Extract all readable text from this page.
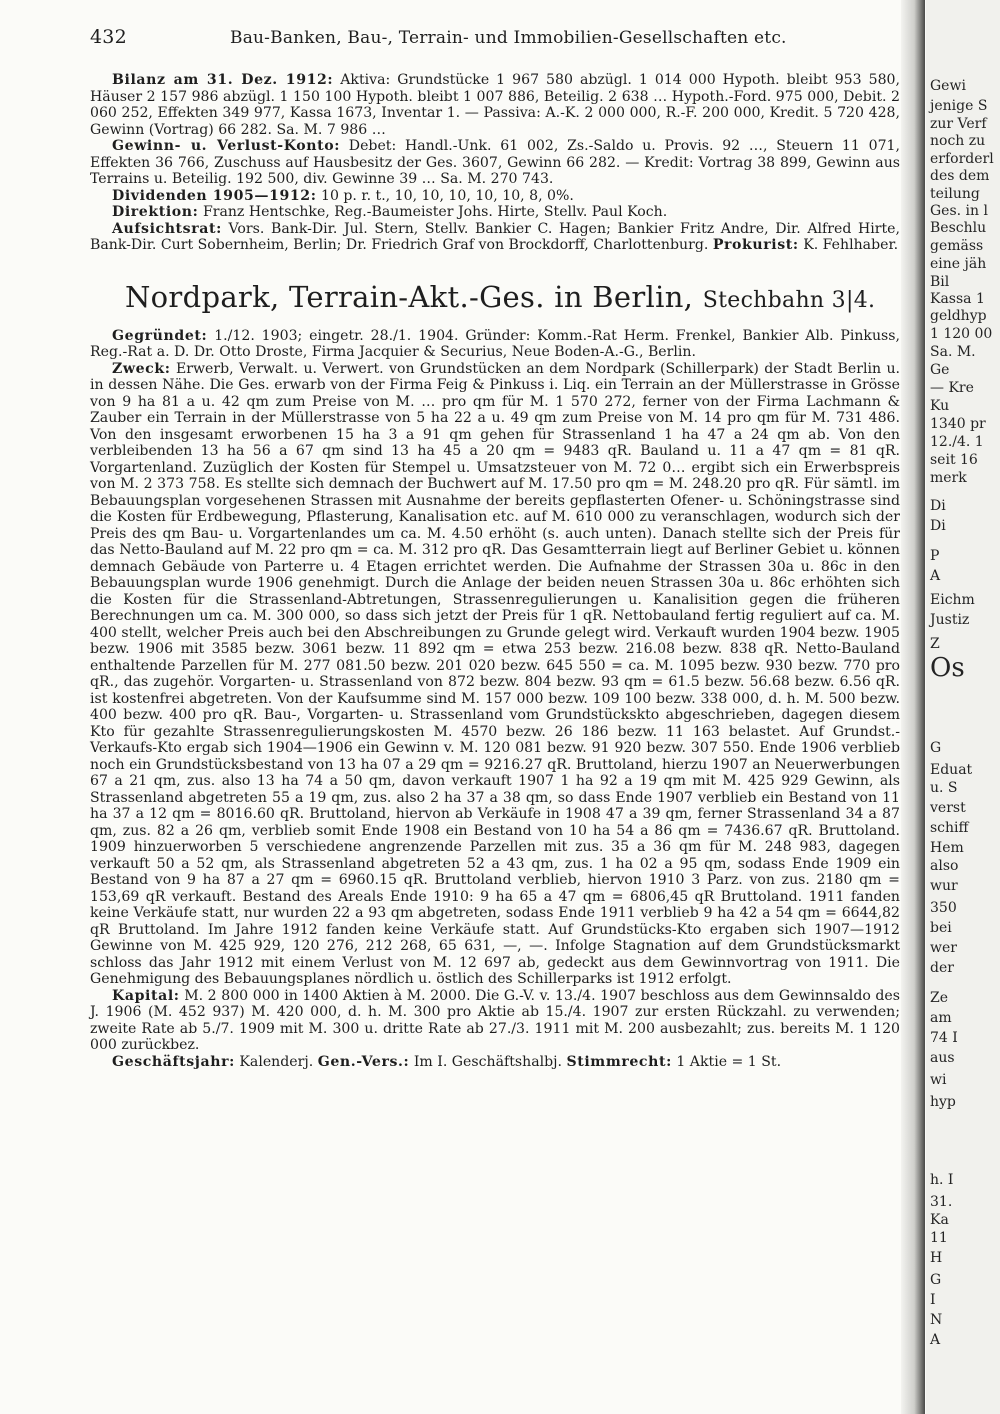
432	Bau-Banken, Bau-, Terrain- und Immobilien-Gesellschaften etc.

Bilanz am 31. Dez. 1912: Aktiva: Grundstücke 1 967 580 abzügl. 1 014 000 Hypoth. bleibt 953 580, Häuser 2 157 986 abzügl. 1 150 100 Hypoth. bleibt 1 007 886, Beteilig. 2 638 … Hypoth.-Ford. 975 000, Debit. 2 060 252, Effekten 349 977, Kassa 1673, Inventar 1. — Passiva: A.-K. 2 000 000, R.-F. 200 000, Kredit. 5 720 428, Gewinn (Vortrag) 66 282. Sa. M. 7 986 …

Gewinn- u. Verlust-Konto: Debet: Handl.-Unk. 61 002, Zs.-Saldo u. Provis. 92 …, Steuern 11 071, Effekten 36 766, Zuschuss auf Hausbesitz der Ges. 3607, Gewinn 66 282. — Kredit: Vortrag 38 899, Gewinn aus Terrains u. Beteilig. 192 500, div. Gewinne 39 … Sa. M. 270 743.

Dividenden 1905—1912: 10 p. r. t., 10, 10, 10, 10, 10, 8, 0%.

Direktion: Franz Hentschke, Reg.-Baumeister Johs. Hirte, Stellv. Paul Koch.

Aufsichtsrat: Vors. Bank-Dir. Jul. Stern, Stellv. Bankier C. Hagen; Bankier Fritz Andre, Dir. Alfred Hirte, Bank-Dir. Curt Sobernheim, Berlin; Dr. Friedrich Graf von Brockdorff, Charlottenburg. Prokurist: K. Fehlhaber.

Nordpark, Terrain-Akt.-Ges. in Berlin, Stechbahn 3|4.

Gegründet: 1./12. 1903; eingetr. 28./1. 1904. Gründer: Komm.-Rat Herm. Frenkel, Bankier Alb. Pinkuss, Reg.-Rat a. D. Dr. Otto Droste, Firma Jacquier & Securius, Neue Boden-A.-G., Berlin.

Zweck: Erwerb, Verwalt. u. Verwert. von Grundstücken an dem Nordpark (Schillerpark) der Stadt Berlin u. in dessen Nähe. Die Ges. erwarb von der Firma Feig & Pinkuss i. Liq. ein Terrain an der Müllerstrasse in Grösse von 9 ha 81 a u. 42 qm zum Preise von M. … pro qm für M. 1 570 272, ferner von der Firma Lachmann & Zauber ein Terrain in der Müllerstrasse von 5 ha 22 a u. 49 qm zum Preise von M. 14 pro qm für M. 731 486. Von den insgesamt erworbenen 15 ha 3 a 91 qm gehen für Strassenland 1 ha 47 a 24 qm ab. Von den verbleibenden 13 ha 56 a 67 qm sind 13 ha 45 a 20 qm = 9483 qR. Bauland u. 11 a 47 qm = 81 qR. Vorgartenland. Zuzüglich der Kosten für Stempel u. Umsatzsteuer von M. 72 0… ergibt sich ein Erwerbspreis von M. 2 373 758. Es stellte sich demnach der Buchwert auf M. 17.50 pro qm = M. 248.20 pro qR. Für sämtl. im Bebauungsplan vorgesehenen Strassen mit Ausnahme der bereits gepflasterten Ofener- u. Schöningstrasse sind die Kosten für Erdbewegung, Pflasterung, Kanalisation etc. auf M. 610 000 zu veranschlagen, wodurch sich der Preis des qm Bau- u. Vorgartenlandes um ca. M. 4.50 erhöht (s. auch unten). Danach stellte sich der Preis für das Netto-Bauland auf M. 22 pro qm = ca. M. 312 pro qR. Das Gesamtterrain liegt auf Berliner Gebiet u. können demnach Gebäude von Parterre u. 4 Etagen errichtet werden. Die Aufnahme der Strassen 30a u. 86c in den Bebauungsplan wurde 1906 genehmigt. Durch die Anlage der beiden neuen Strassen 30a u. 86c erhöhten sich die Kosten für die Strassenland-Abtretungen, Strassenregulierungen u. Kanalisition gegen die früheren Berechnungen um ca. M. 300 000, so dass sich jetzt der Preis für 1 qR. Nettobauland fertig reguliert auf ca. M. 400 stellt, welcher Preis auch bei den Abschreibungen zu Grunde gelegt wird. Verkauft wurden 1904 bezw. 1905 bezw. 1906 mit 3585 bezw. 3061 bezw. 11 892 qm = etwa 253 bezw. 216.08 bezw. 838 qR. Netto-Bauland enthaltende Parzellen für M. 277 081.50 bezw. 201 020 bezw. 645 550 = ca. M. 1095 bezw. 930 bezw. 770 pro qR., das zugehör. Vorgarten- u. Strassenland von 872 bezw. 804 bezw. 93 qm = 61.5 bezw. 56.68 bezw. 6.56 qR. ist kostenfrei abgetreten. Von der Kaufsumme sind M. 157 000 bezw. 109 100 bezw. 338 000, d. h. M. 500 bezw. 400 bezw. 400 pro qR. Bau-, Vorgarten- u. Strassenland vom Grundstücksktо abgeschrieben, dagegen diesem Kto für gezahlte Strassenregulierungskosten M. 4570 bezw. 26 186 bezw. 11 163 belastet. Auf Grundst.-Verkaufs-Kto ergab sich 1904—1906 ein Gewinn v. M. 120 081 bezw. 91 920 bezw. 307 550. Ende 1906 verblieb noch ein Grundstücksbestand von 13 ha 07 a 29 qm = 9216.27 qR. Bruttoland, hierzu 1907 an Neuerwerbungen 67 a 21 qm, zus. also 13 ha 74 a 50 qm, davon verkauft 1907 1 ha 92 a 19 qm mit M. 425 929 Gewinn, als Strassenland abgetreten 55 a 19 qm, zus. also 2 ha 37 a 38 qm, so dass Ende 1907 verblieb ein Bestand von 11 ha 37 a 12 qm = 8016.60 qR. Bruttoland, hiervon ab Verkäufe in 1908 47 a 39 qm, ferner Strassenland 34 a 87 qm, zus. 82 a 26 qm, verblieb somit Ende 1908 ein Bestand von 10 ha 54 a 86 qm = 7436.67 qR. Bruttoland. 1909 hinzuerworben 5 verschiedene angrenzende Parzellen mit zus. 35 a 36 qm für M. 248 983, dagegen verkauft 50 a 52 qm, als Strassenland abgetreten 52 a 43 qm, zus. 1 ha 02 a 95 qm, sodass Ende 1909 ein Bestand von 9 ha 87 a 27 qm = 6960.15 qR. Bruttoland verblieb, hiervon 1910 3 Parz. von zus. 2180 qm = 153,69 qR verkauft. Bestand des Areals Ende 1910: 9 ha 65 a 47 qm = 6806,45 qR Bruttoland. 1911 fanden keine Verkäufe statt, nur wurden 22 a 93 qm abgetreten, sodass Ende 1911 verblieb 9 ha 42 a 54 qm = 6644,82 qR Bruttoland. Im Jahre 1912 fanden keine Verkäufe statt. Auf Grundstücks-Kto ergaben sich 1907—1912 Gewinne von M. 425 929, 120 276, 212 268, 65 631, —, —. Infolge Stagnation auf dem Grundstücksmarkt schloss das Jahr 1912 mit einem Verlust von M. 12 697 ab, gedeckt aus dem Gewinnvortrag von 1911. Die Genehmigung des Bebauungsplanes nördlich u. östlich des Schillerparks ist 1912 erfolgt.

Kapital: M. 2 800 000 in 1400 Aktien à M. 2000. Die G.-V. v. 13./4. 1907 beschloss aus dem Gewinnsaldo des J. 1906 (M. 452 937) M. 420 000, d. h. M. 300 pro Aktie ab 15./4. 1907 zur ersten Rückzahl. zu verwenden; zweite Rate ab 5./7. 1909 mit M. 300 u. dritte Rate ab 27./3. 1911 mit M. 200 ausbezahlt; zus. bereits M. 1 120 000 zurückbez.

Geschäftsjahr: Kalenderj. Gen.-Vers.: Im I. Geschäftshalbj. Stimmrecht: 1 Aktie = 1 St.

Gewi
jenige S
zur Verf
noch zu
erforderl
des dem
teilung
Ges. in l
Beschlu
gemäss
eine jäh
Bil
Kassa 1
geldhyp
1 120 00
Sa. M.
Ge
— Kre
Ku
1340 pr
12./4. 1
seit 16
merk
Di
Di
P
A
Eichm
Justiz
Z
Os
G
Eduat
u. S
verst
schiff
Hem
also
wur
350
bei
wer
der
Ze
am
74 I
aus
wi
hyp
h. I
31.
Ka
11
H
G
I
N
A
